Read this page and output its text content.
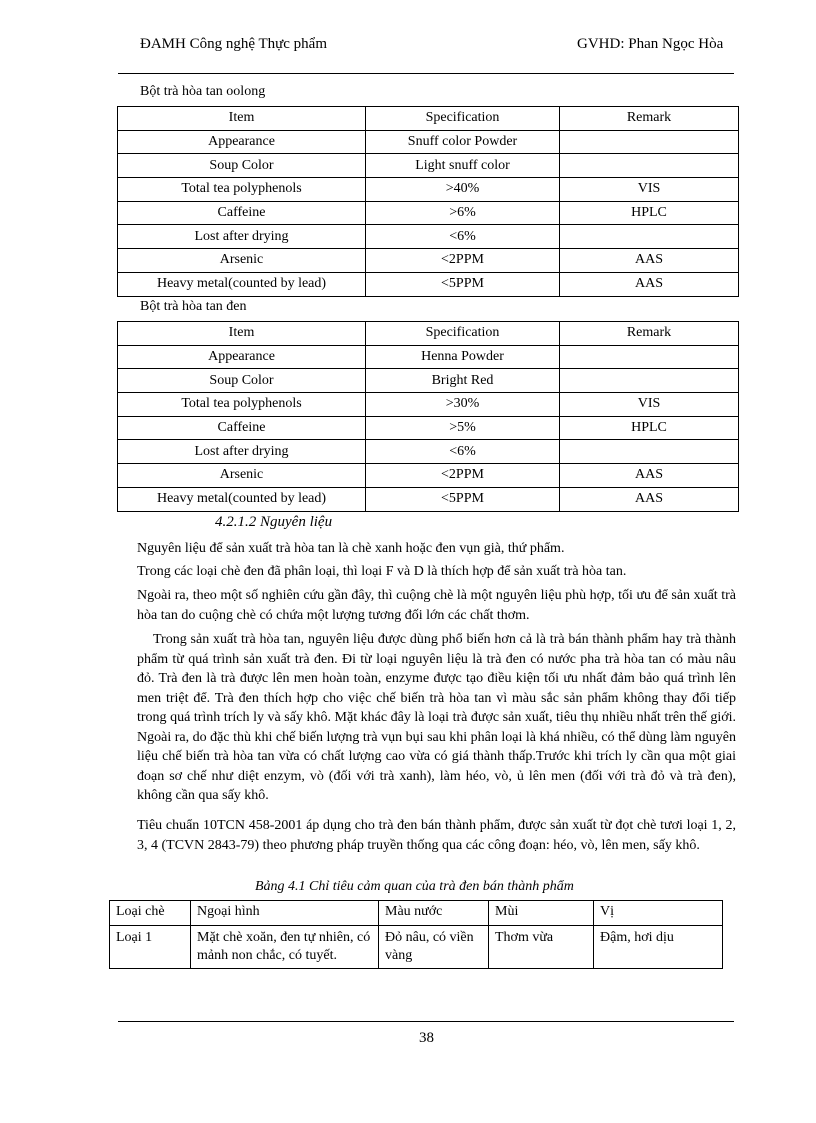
ĐAMH Công nghệ Thực phẩm	GVHD: Phan Ngọc Hòa
Bột trà hòa tan oolong
Item	Specification	Remark
Appearance	Snuff color Powder	
Soup Color	Light snuff color	
Total tea polyphenols	>40%	VIS
Caffeine	>6%	HPLC
Lost after drying	<6%	
Arsenic	<2PPM	AAS
Heavy metal(counted by lead)	<5PPM	AAS
Bột trà hòa tan đen
Item	Specification	Remark
Appearance	Henna Powder	
Soup Color	Bright Red	
Total tea polyphenols	>30%	VIS
Caffeine	>5%	HPLC
Lost after drying	<6%	
Arsenic	<2PPM	AAS
Heavy metal(counted by lead)	<5PPM	AAS
4.2.1.2 Nguyên liệu

Nguyên liệu để sản xuất trà hòa tan là chè xanh hoặc đen vụn già, thứ phẩm.

Trong các loại chè đen đã phân loại, thì loại F và D là thích hợp để sản xuất trà hòa tan.

Ngoài ra, theo một số nghiên cứu gần đây, thì cuộng chè là một nguyên liệu phù hợp, tối ưu để sản xuất trà hòa tan do cuộng chè có chứa một lượng tương đối lớn các chất thơm.

Trong sản xuất trà hòa tan, nguyên liệu được dùng phổ biến hơn cả là trà bán thành phẩm hay trà thành phẩm từ quá trình sản xuất trà đen. Đi từ loại nguyên liệu là trà đen có nước pha trà hòa tan có màu nâu đỏ. Trà đen là trà được lên men hoàn toàn, enzyme được tạo điều kiện tối ưu nhất đảm bảo quá trình lên men triệt để. Trà đen thích hợp cho việc chế biến trà hòa tan vì màu sắc sản phẩm không thay đổi tiếp trong quá trình trích ly và sấy khô. Mặt khác đây là loại trà được sản xuất, tiêu thụ nhiều nhất trên thế giới. Ngoài ra, do đặc thù khi chế biến lượng trà vụn bụi sau khi phân loại là khá nhiều, có thể dùng làm nguyên liệu chế biến trà hòa tan vừa có chất lượng cao vừa có giá thành thấp.Trước khi trích ly cần qua một giai đoạn sơ chế như diệt enzym, vò (đối với trà xanh), làm héo, vò, ủ lên men (đối với trà đỏ và trà đen), không cần qua sấy khô.

Tiêu chuẩn 10TCN 458-2001 áp dụng cho trà đen bán thành phẩm, được sản xuất từ đọt chè tươi loại 1, 2, 3, 4 (TCVN 2843-79) theo phương pháp truyền thống qua các công đoạn: héo, vò, lên men, sấy khô.

Bảng 4.1 Chỉ tiêu cảm quan của trà đen bán thành phẩm
Loại chè	Ngoại hình	Màu nước	Mùi	Vị
Loại 1	Mặt chè xoăn, đen tự nhiên, có mảnh non chắc, có tuyết.	Đỏ nâu, có viền vàng	Thơm vừa	Đậm, hơi dịu
38
